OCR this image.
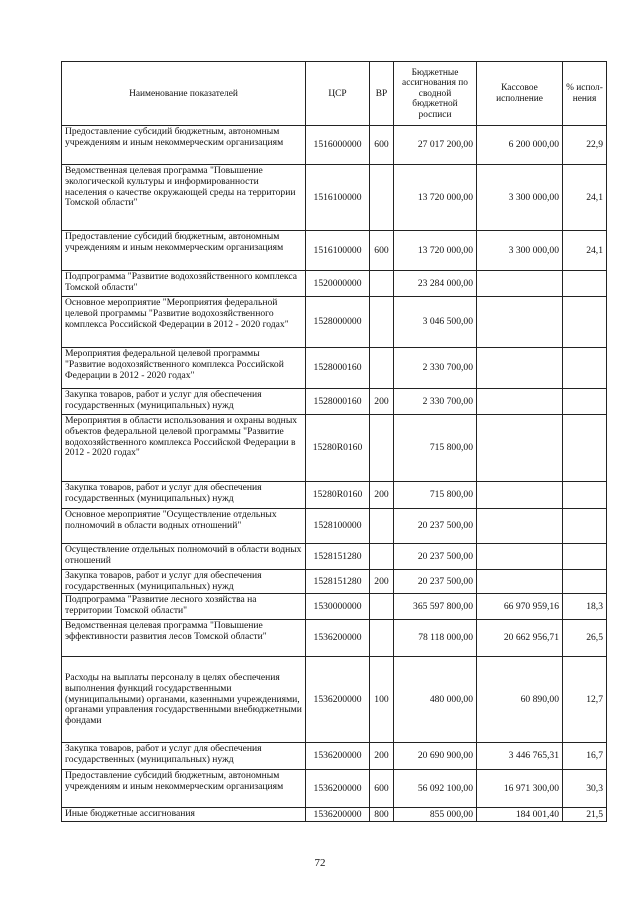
Наименование показателей	ЦСР	ВР	Бюджетные ассигнования по сводной бюджетной росписи	Кассовое исполнение	% испол-нения
Предоставление субсидий бюджетным, автономным учреждениям и иным некоммерческим организациям	1516000000	600	27 017 200,00	6 200 000,00	22,9
Ведомственная целевая программа "Повышение экологической культуры и информированности населения о качестве окружающей среды на территории Томской области"	1516100000		13 720 000,00	3 300 000,00	24,1
Предоставление субсидий бюджетным, автономным учреждениям и иным некоммерческим организациям	1516100000	600	13 720 000,00	3 300 000,00	24,1
Подпрограмма "Развитие водохозяйственного комплекса Томской области"	1520000000		23 284 000,00		
Основное мероприятие "Мероприятия федеральной целевой программы "Развитие водохозяйственного комплекса Российской Федерации в 2012 - 2020 годах"	1528000000		3 046 500,00		
Мероприятия федеральной целевой программы "Развитие водохозяйственного комплекса Российской Федерации в 2012 - 2020 годах"	1528000160		2 330 700,00		
Закупка товаров, работ и услуг для обеспечения государственных (муниципальных) нужд	1528000160	200	2 330 700,00		
Мероприятия в области использования и охраны водных объектов федеральной целевой программы "Развитие водохозяйственного комплекса Российской Федерации в 2012 - 2020 годах"	15280R0160		715 800,00		
Закупка товаров, работ и услуг для обеспечения государственных (муниципальных) нужд	15280R0160	200	715 800,00		
Основное мероприятие "Осуществление отдельных полномочий в области водных отношений"	1528100000		20 237 500,00		
Осуществление отдельных полномочий в области водных отношений	1528151280		20 237 500,00		
Закупка товаров, работ и услуг для обеспечения государственных (муниципальных) нужд	1528151280	200	20 237 500,00		
Подпрограмма "Развитие лесного хозяйства на территории Томской области"	1530000000		365 597 800,00	66 970 959,16	18,3
Ведомственная целевая программа "Повышение эффективности развития лесов Томской области"	1536200000		78 118 000,00	20 662 956,71	26,5
Расходы на выплаты персоналу в целях обеспечения выполнения функций государственными (муниципальными) органами, казенными учреждениями, органами управления государственными внебюджетными фондами	1536200000	100	480 000,00	60 890,00	12,7
Закупка товаров, работ и услуг для обеспечения государственных (муниципальных) нужд	1536200000	200	20 690 900,00	3 446 765,31	16,7
Предоставление субсидий бюджетным, автономным учреждениям и иным некоммерческим организациям	1536200000	600	56 092 100,00	16 971 300,00	30,3
Иные бюджетные ассигнования	1536200000	800	855 000,00	184 001,40	21,5
72
